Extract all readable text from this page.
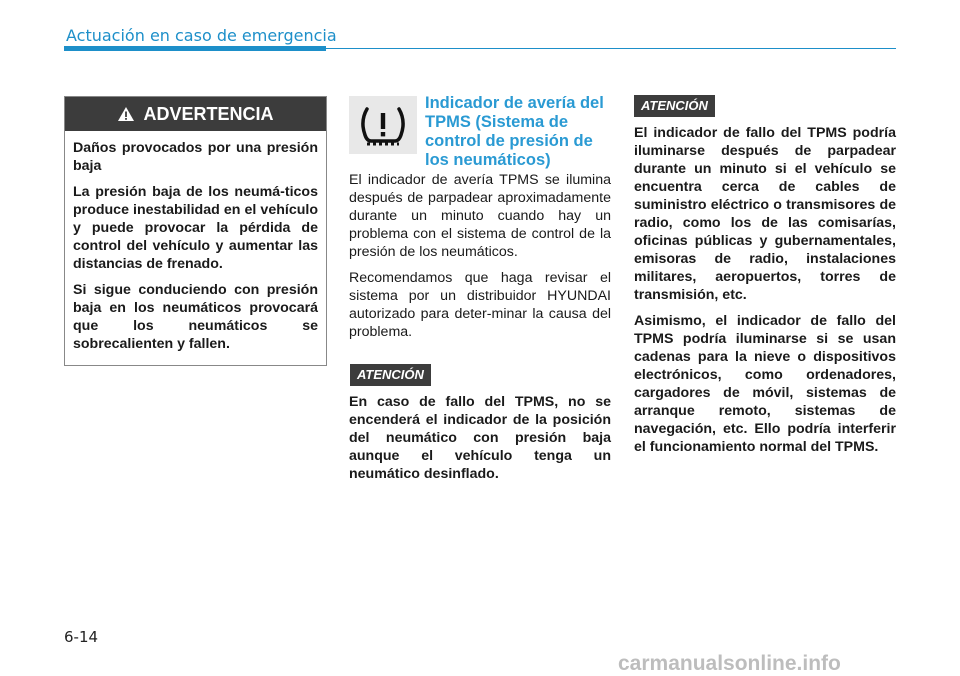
Actuación en caso de emergencia
ADVERTENCIA

Daños provocados por una presión baja

La presión baja de los neumá-ticos produce inestabilidad en el vehículo y puede provocar la pérdida de control del vehículo y aumentar las distancias de frenado.

Si sigue conduciendo con presión baja en los neumáticos provocará que los neumáticos se sobrecalienten y fallen.

Indicador de avería del TPMS (Sistema de control de presión de los neumáticos)

El indicador de avería TPMS se ilumina después de parpadear aproximadamente durante un minuto cuando hay un problema con el sistema de control de la presión de los neumáticos.

Recomendamos que haga revisar el sistema por un distribuidor HYUNDAI autorizado para deter-minar la causa del problema.

ATENCIÓN

En caso de fallo del TPMS, no se encenderá el indicador de la posición del neumático con presión baja aunque el vehículo tenga un neumático desinflado.

ATENCIÓN

El indicador de fallo del TPMS podría iluminarse después de parpadear durante un minuto si el vehículo se encuentra cerca de cables de suministro eléctrico o transmisores de radio, como los de las comisarías, oficinas públicas y gubernamentales, emisoras de radio, instalaciones militares, aeropuertos, torres de transmisión, etc.

Asimismo, el indicador de fallo del TPMS podría iluminarse si se usan cadenas para la nieve o dispositivos electrónicos, como ordenadores, cargadores de móvil, sistemas de arranque remoto, sistemas de navegación, etc. Ello podría interferir el funcionamiento normal del TPMS.

6-14
carmanualsonline.info
